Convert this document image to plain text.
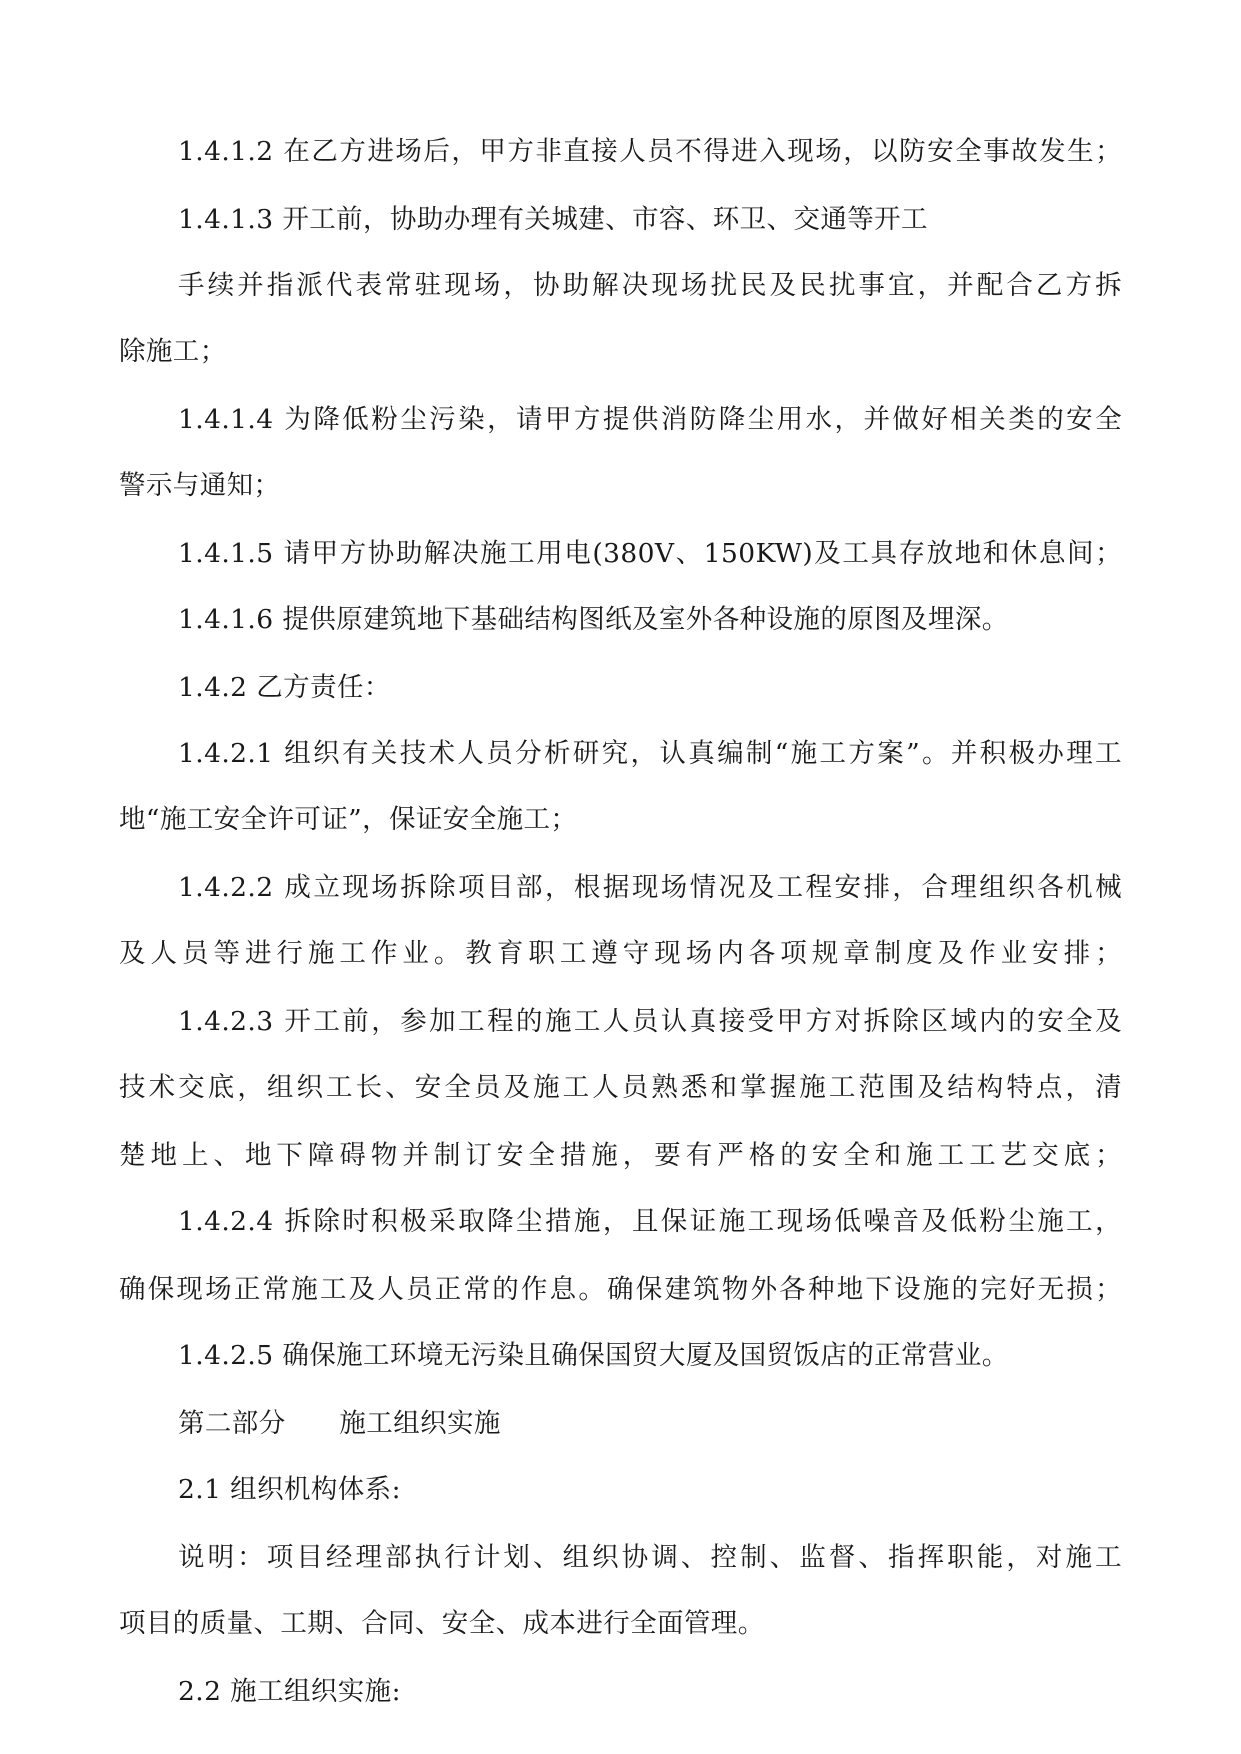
1.4.1.2 在乙方进场后，甲方非直接人员不得进入现场，以防安全事故发生；
1.4.1.3 开工前，协助办理有关城建、市容、环卫、交通等开工
手续并指派代表常驻现场，协助解决现场扰民及民扰事宜，并配合乙方拆
除施工；
1.4.1.4 为降低粉尘污染，请甲方提供消防降尘用水，并做好相关类的安全
警示与通知；
1.4.1.5 请甲方协助解决施工用电(380V、150KW)及工具存放地和休息间；
1.4.1.6 提供原建筑地下基础结构图纸及室外各种设施的原图及埋深。
1.4.2 乙方责任：
1.4.2.1 组织有关技术人员分析研究，认真编制“施工方案”。并积极办理工
地“施工安全许可证”，保证安全施工；
1.4.2.2 成立现场拆除项目部，根据现场情况及工程安排，合理组织各机械
及人员等进行施工作业。教育职工遵守现场内各项规章制度及作业安排；
1.4.2.3 开工前，参加工程的施工人员认真接受甲方对拆除区域内的安全及
技术交底，组织工长、安全员及施工人员熟悉和掌握施工范围及结构特点，清
楚地上、地下障碍物并制订安全措施，要有严格的安全和施工工艺交底；
1.4.2.4 拆除时积极采取降尘措施，且保证施工现场低噪音及低粉尘施工，
确保现场正常施工及人员正常的作息。确保建筑物外各种地下设施的完好无损；
1.4.2.5 确保施工环境无污染且确保国贸大厦及国贸饭店的正常营业。
第二部分　　施工组织实施
2.1 组织机构体系:
说明：项目经理部执行计划、组织协调、控制、监督、指挥职能，对施工
项目的质量、工期、合同、安全、成本进行全面管理。
2.2 施工组织实施:
